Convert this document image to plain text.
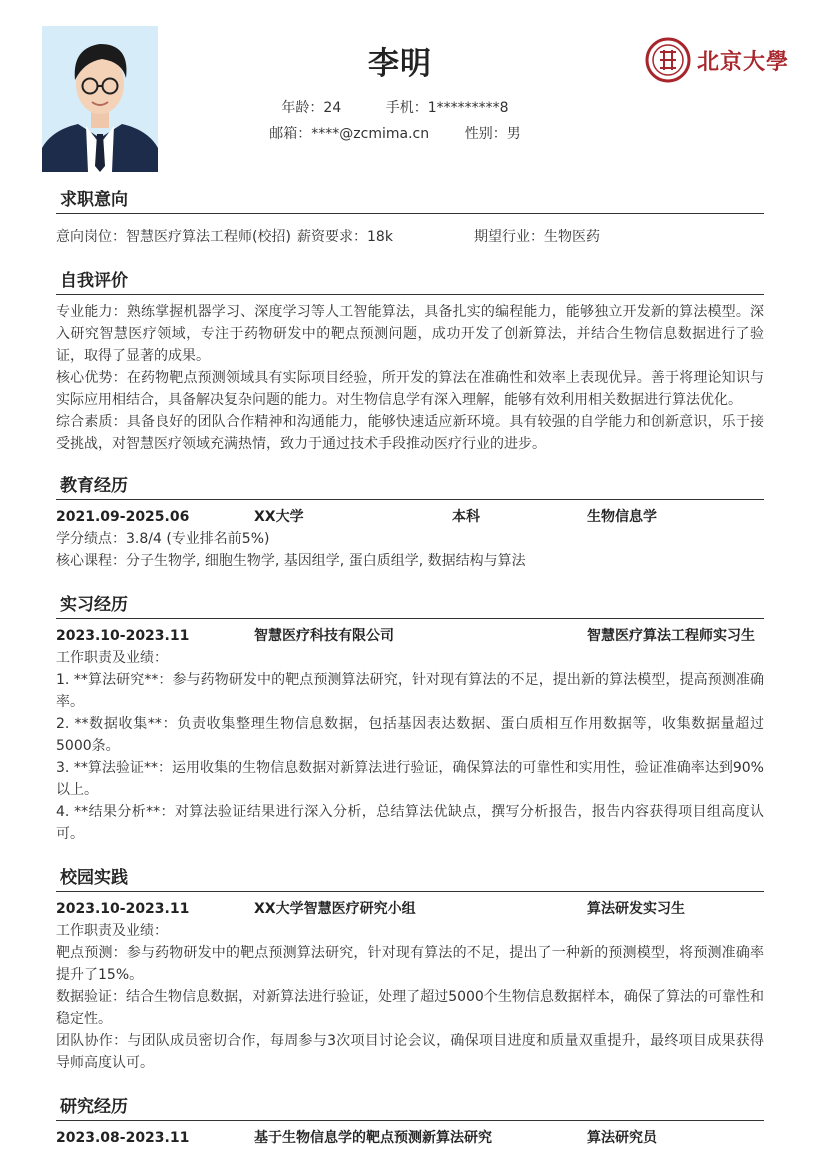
李明
年龄：24	手机：1*********8
邮箱：****@zcmima.cn	性别：男
北京大學
求职意向
意向岗位：智慧医疗算法工程师(校招) 薪资要求：18k	期望行业：生物医药
自我评价
专业能力：熟练掌握机器学习、深度学习等人工智能算法，具备扎实的编程能力，能够独立开发新的算法模型。深入研究智慧医疗领域，专注于药物研发中的靶点预测问题，成功开发了创新算法，并结合生物信息数据进行了验证，取得了显著的成果。
核心优势：在药物靶点预测领域具有实际项目经验，所开发的算法在准确性和效率上表现优异。善于将理论知识与实际应用相结合，具备解决复杂问题的能力。对生物信息学有深入理解，能够有效利用相关数据进行算法优化。
综合素质：具备良好的团队合作精神和沟通能力，能够快速适应新环境。具有较强的自学能力和创新意识，乐于接受挑战，对智慧医疗领域充满热情，致力于通过技术手段推动医疗行业的进步。
教育经历
2021.09-2025.06	XX大学	本科	生物信息学
学分绩点：3.8/4 (专业排名前5%)
核心课程：分子生物学, 细胞生物学, 基因组学, 蛋白质组学, 数据结构与算法
实习经历
2023.10-2023.11	智慧医疗科技有限公司	智慧医疗算法工程师实习生
工作职责及业绩：
1. **算法研究**：参与药物研发中的靶点预测算法研究，针对现有算法的不足，提出新的算法模型，提高预测准确率。
2. **数据收集**：负责收集整理生物信息数据，包括基因表达数据、蛋白质相互作用数据等，收集数据量超过5000条。
3. **算法验证**：运用收集的生物信息数据对新算法进行验证，确保算法的可靠性和实用性，验证准确率达到90%以上。
4. **结果分析**：对算法验证结果进行深入分析，总结算法优缺点，撰写分析报告，报告内容获得项目组高度认可。
校园实践
2023.10-2023.11	XX大学智慧医疗研究小组	算法研发实习生
工作职责及业绩：
靶点预测：参与药物研发中的靶点预测算法研究，针对现有算法的不足，提出了一种新的预测模型，将预测准确率提升了15%。
数据验证：结合生物信息数据，对新算法进行验证，处理了超过5000个生物信息数据样本，确保了算法的可靠性和稳定性。
团队协作：与团队成员密切合作，每周参与3次项目讨论会议，确保项目进度和质量双重提升，最终项目成果获得导师高度认可。
研究经历
2023.08-2023.11	基于生物信息学的靶点预测新算法研究	算法研究员
